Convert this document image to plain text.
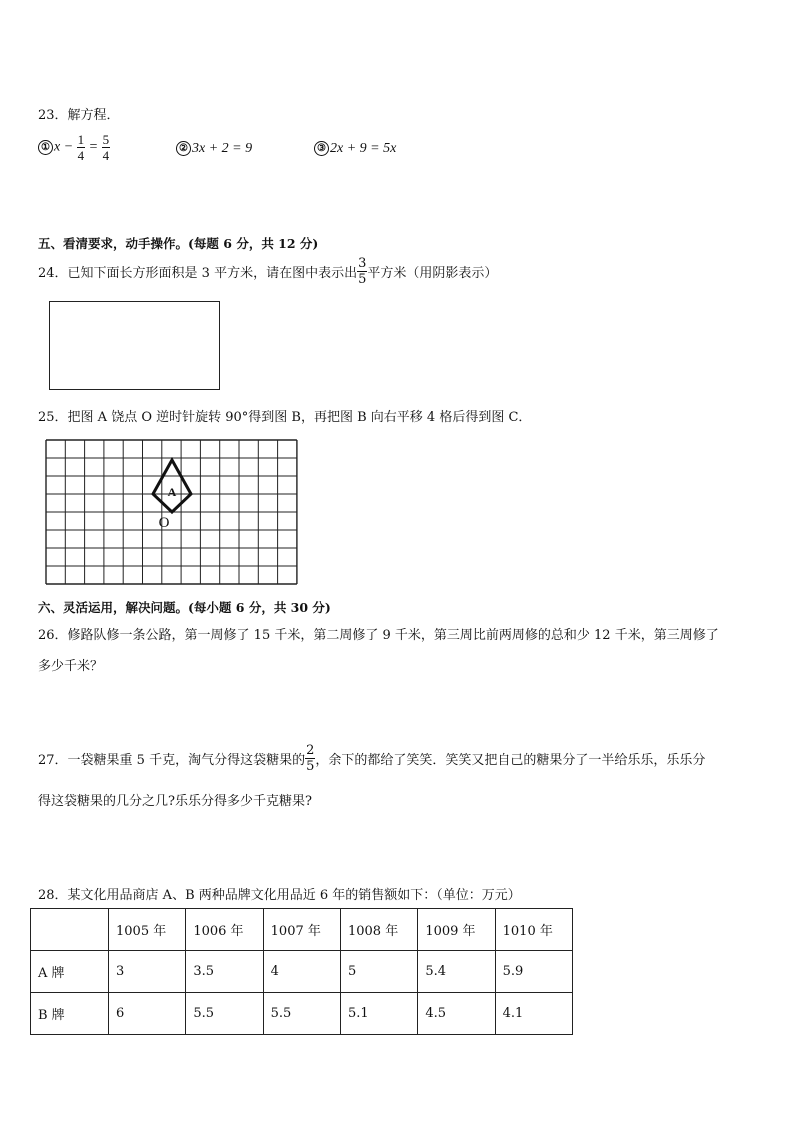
23．解方程．
① $x - \frac{1}{4} = \frac{5}{4}$	② 3x + 2 = 9	③ 2x + 9 = 5x
五、看清要求，动手操作。(每题 6 分，共 12 分)
24．已知下面长方形面积是 3 平方米，请在图中表示出 $\frac{3}{5}$ 平方米（用阴影表示）
25．把图 A 饶点 O 逆时针旋转 90°得到图 B，再把图 B 向右平移 4 格后得到图 C．
A
O
六、灵活运用，解决问题。(每小题 6 分，共 30 分)
26．修路队修一条公路，第一周修了 15 千米，第二周修了 9 千米，第三周比前两周修的总和少 12 千米，第三周修了
多少千米？
27．一袋糖果重 5 千克，淘气分得这袋糖果的 $\frac{2}{5}$ ，余下的都给了笑笑．笑笑又把自己的糖果分了一半给乐乐，乐乐分
得这袋糖果的几分之几?乐乐分得多少千克糖果?
28．某文化用品商店 A、B 两种品牌文化用品近 6 年的销售额如下：（单位：万元）
	1005 年	1006 年	1007 年	1008 年	1009 年	1010 年
A 牌	3	3.5	4	5	5.4	5.9
B 牌	6	5.5	5.5	5.1	4.5	4.1
